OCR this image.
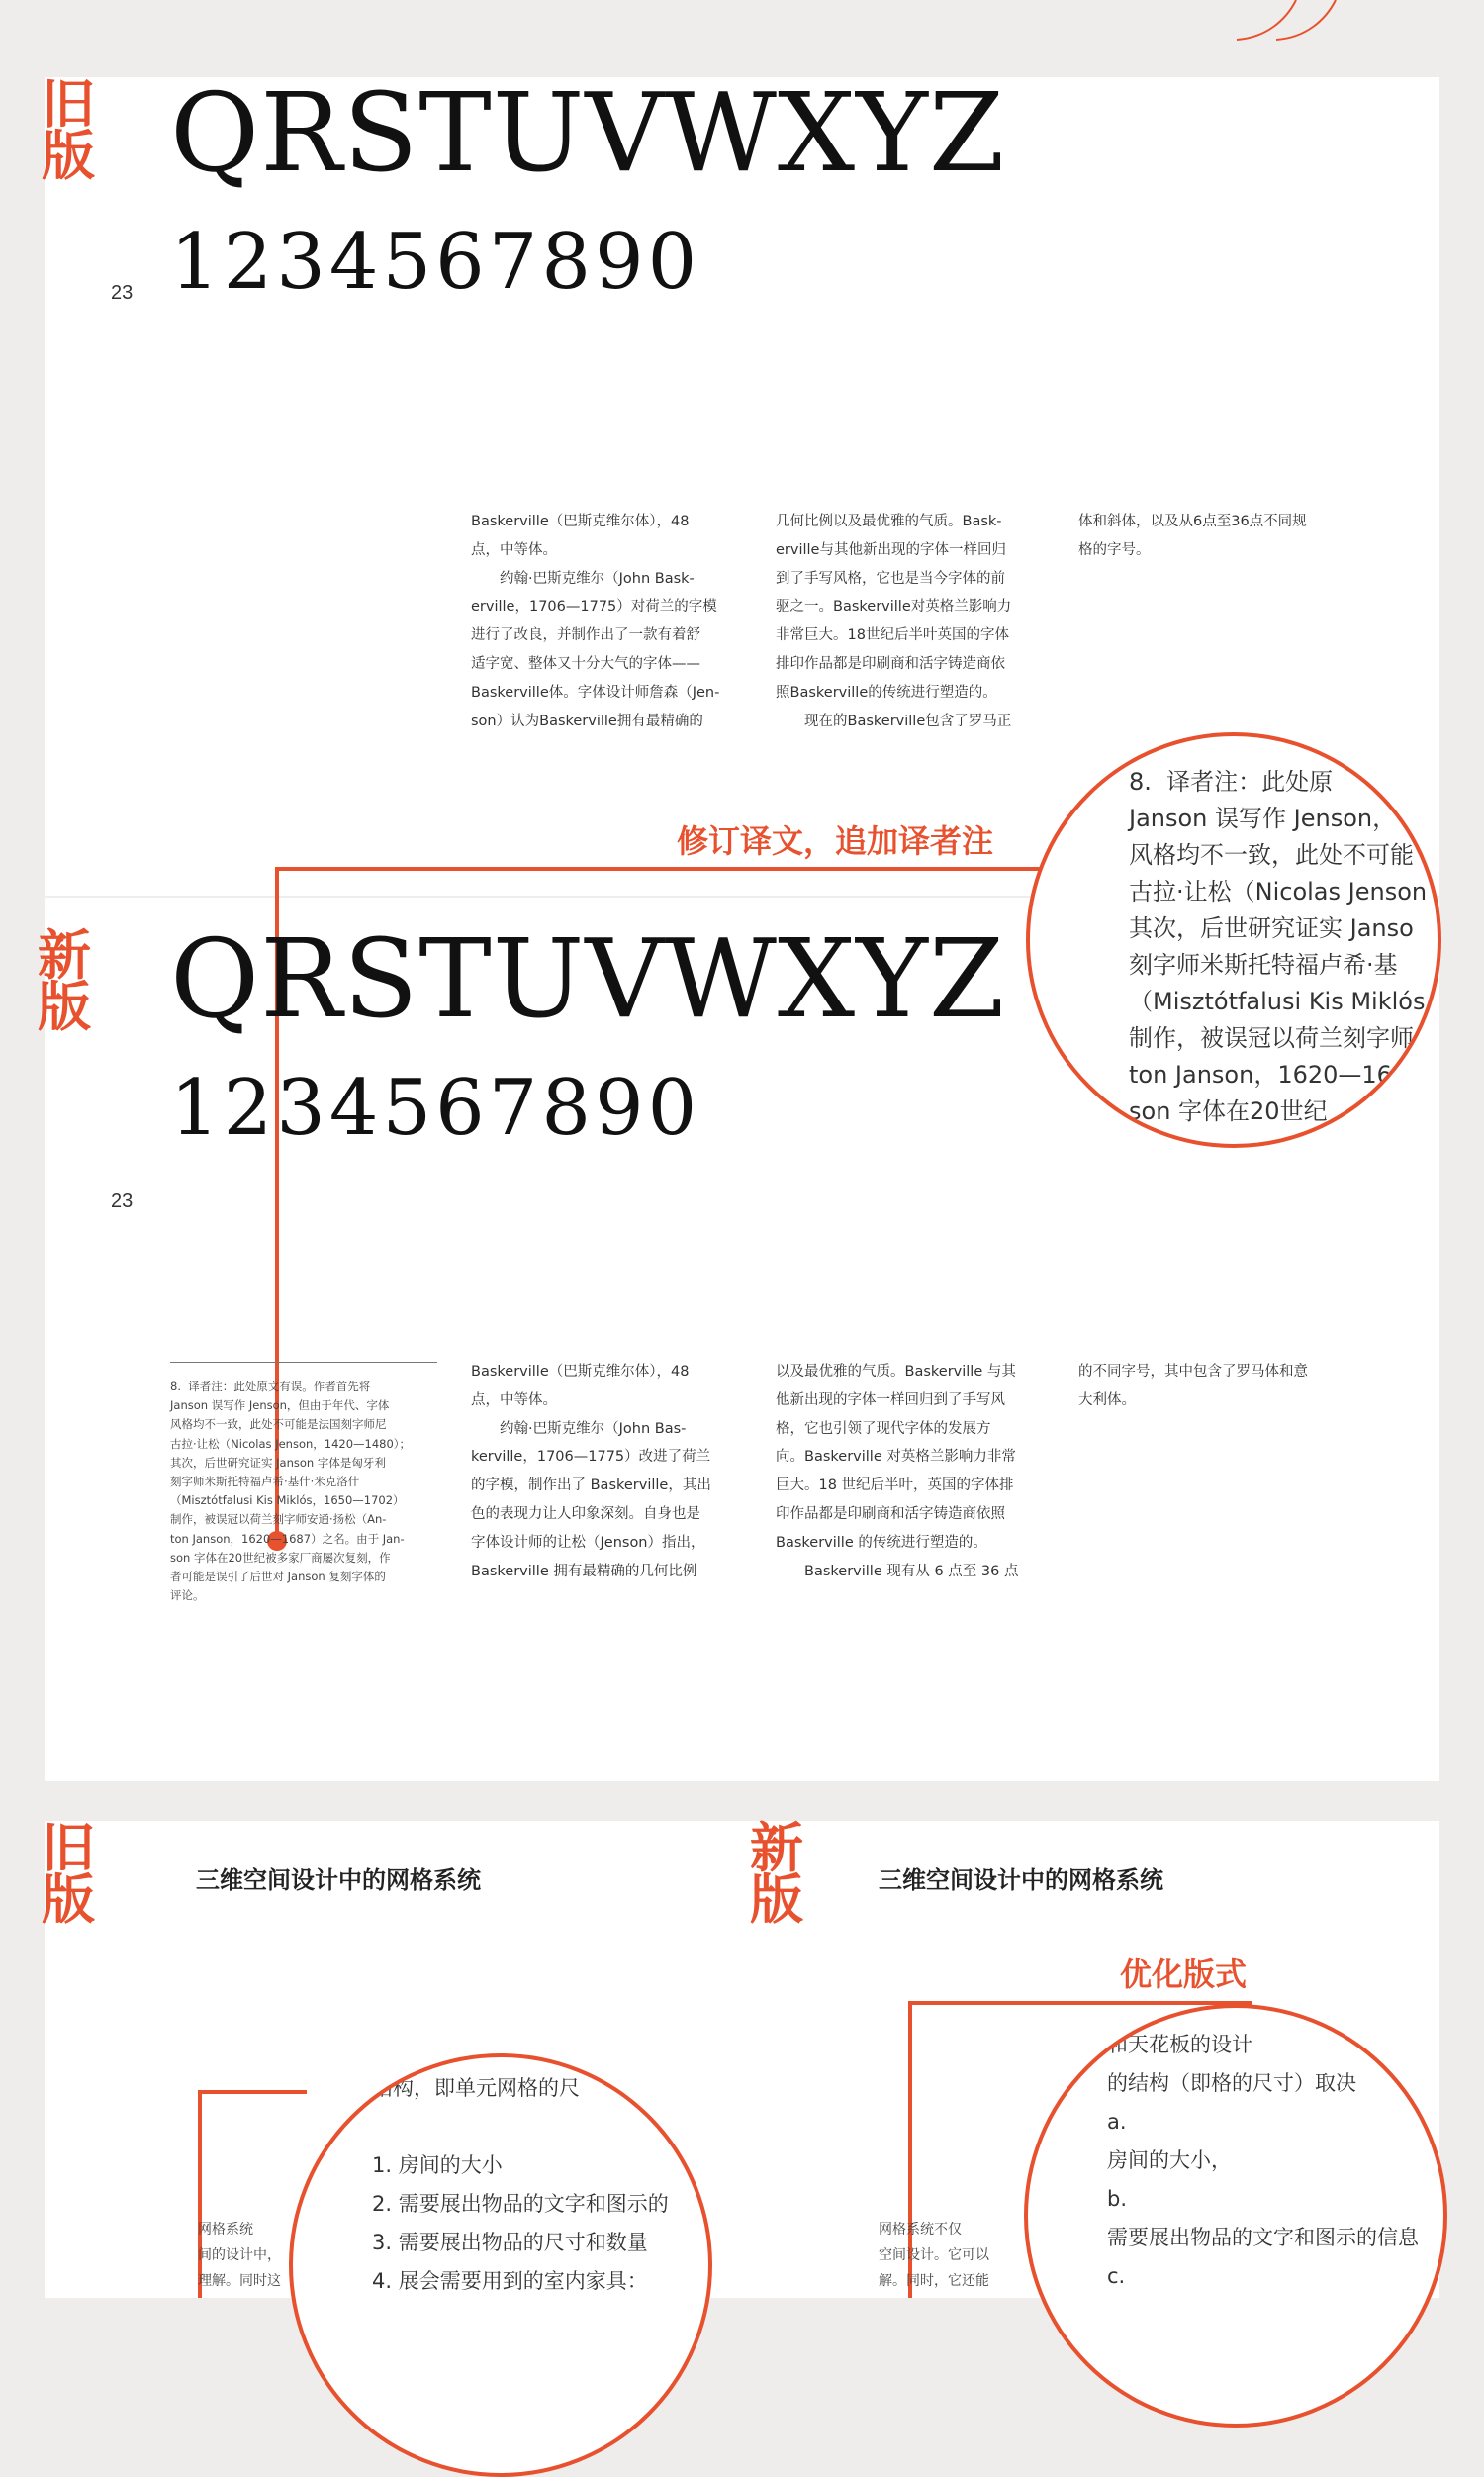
旧
版 QRSTUVWXYZ
1234567890
23
Baskerville（巴斯克维尔体），48
点，中等体。
　　约翰·巴斯克维尔（John Bask-
erville，1706—1775）对荷兰的字模
进行了改良，并制作出了一款有着舒
适字宽、整体又十分大气的字体——
Baskerville体。字体设计师詹森（Jen-
son）认为Baskerville拥有最精确的
几何比例以及最优雅的气质。Bask-
erville与其他新出现的字体一样回归
到了手写风格，它也是当今字体的前
驱之一。Baskerville对英格兰影响力
非常巨大。18世纪后半叶英国的字体
排印作品都是印刷商和活字铸造商依
照Baskerville的传统进行塑造的。
　　现在的Baskerville包含了罗马正
体和斜体，以及从6点至36点不同规
格的字号。
修订译文，追加译者注
8.  译者注：此处原
Janson 误写作 Jenson，
风格均不一致，此处不可能
古拉·让松（Nicolas Jenson
其次，后世研究证实 Janso
刻字师米斯托特福卢希·基
（Misztótfalusi Kis Miklós
制作，被误冠以荷兰刻字师
ton Janson，1620—16
son 字体在20世纪
新
版 QRSTUVWXYZ
1234567890
23
8.  译者注：此处原文有误。作者首先将
Janson 误写作 Jenson，但由于年代、字体
风格均不一致，此处不可能是法国刻字师尼
古拉·让松（Nicolas Jenson，1420—1480）；
其次，后世研究证实 Janson 字体是匈牙利
刻字师米斯托特福卢希·基什·米克洛什
（Misztótfalusi Kis Miklós，1650—1702）
制作，被误冠以荷兰刻字师安通·扬松（An-
ton Janson，1620—1687）之名。由于 Jan-
son 字体在20世纪被多家厂商屡次复刻，作
者可能是误引了后世对 Janson 复刻字体的
评论。
Baskerville（巴斯克维尔体），48
点，中等体。
　　约翰·巴斯克维尔（John Bas-
kerville，1706—1775）改进了荷兰
的字模，制作出了 Baskerville，其出
色的表现力让人印象深刻。自身也是
字体设计师的让松（Jenson）指出，
Baskerville 拥有最精确的几何比例
以及最优雅的气质。Baskerville 与其
他新出现的字体一样回归到了手写风
格，它也引领了现代字体的发展方
向。Baskerville 对英格兰影响力非常
巨大。18 世纪后半叶，英国的字体排
印作品都是印刷商和活字铸造商依照
Baskerville 的传统进行塑造的。
　　Baskerville 现有从 6 点至 36 点
的不同字号，其中包含了罗马体和意
大利体。
旧
版	三维空间设计中的网格系统
新
版	三维空间设计中的网格系统
优化版式
网格系统
间的设计中，
理解。同时这
结构，即单元网格的尺

1. 房间的大小
2. 需要展出物品的文字和图示的
3. 需要展出物品的尺寸和数量
4. 展会需要用到的室内家具：
网格系统不仅
空间设计。它可以
解。同时，它还能
和天花板的设计
的结构（即格的尺寸）取决
a.
房间的大小，
b.
需要展出物品的文字和图示的信息
c.
